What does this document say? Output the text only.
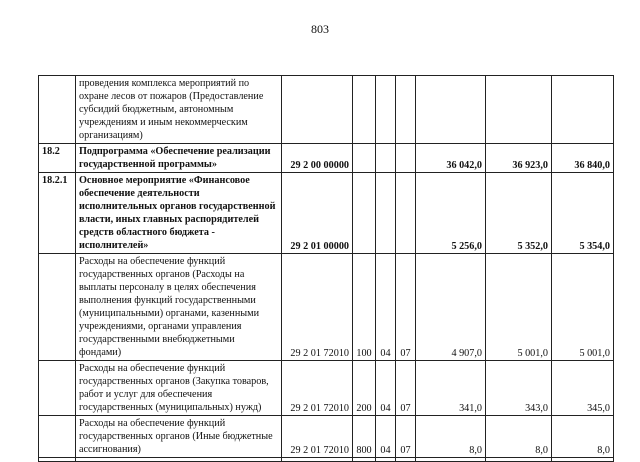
803
	проведения комплекса мероприятий по охране лесов от пожаров (Предоставление субсидий бюджетным, автономным учреждениям и иным некоммерческим организациям)							
18.2	Подпрограмма «Обеспечение реализации государственной программы»	29 2 00 00000				36 042,0	36 923,0	36 840,0
18.2.1	Основное мероприятие «Финансовое обеспечение деятельности исполнительных органов государственной власти, иных главных распорядителей средств областного бюджета - исполнителей»	29 2 01 00000				5 256,0	5 352,0	5 354,0
	Расходы на обеспечение функций государственных органов (Расходы на выплаты персоналу в целях обеспечения выполнения функций государственными (муниципальными) органами, казенными учреждениями, органами управления государственными внебюджетными фондами)	29 2 01 72010	100	04	07	4 907,0	5 001,0	5 001,0
	Расходы на обеспечение функций государственных органов (Закупка товаров, работ и услуг для обеспечения государственных (муниципальных) нужд)	29 2 01 72010	200	04	07	341,0	343,0	345,0
	Расходы на обеспечение функций государственных органов (Иные бюджетные ассигнования)	29 2 01 72010	800	04	07	8,0	8,0	8,0
